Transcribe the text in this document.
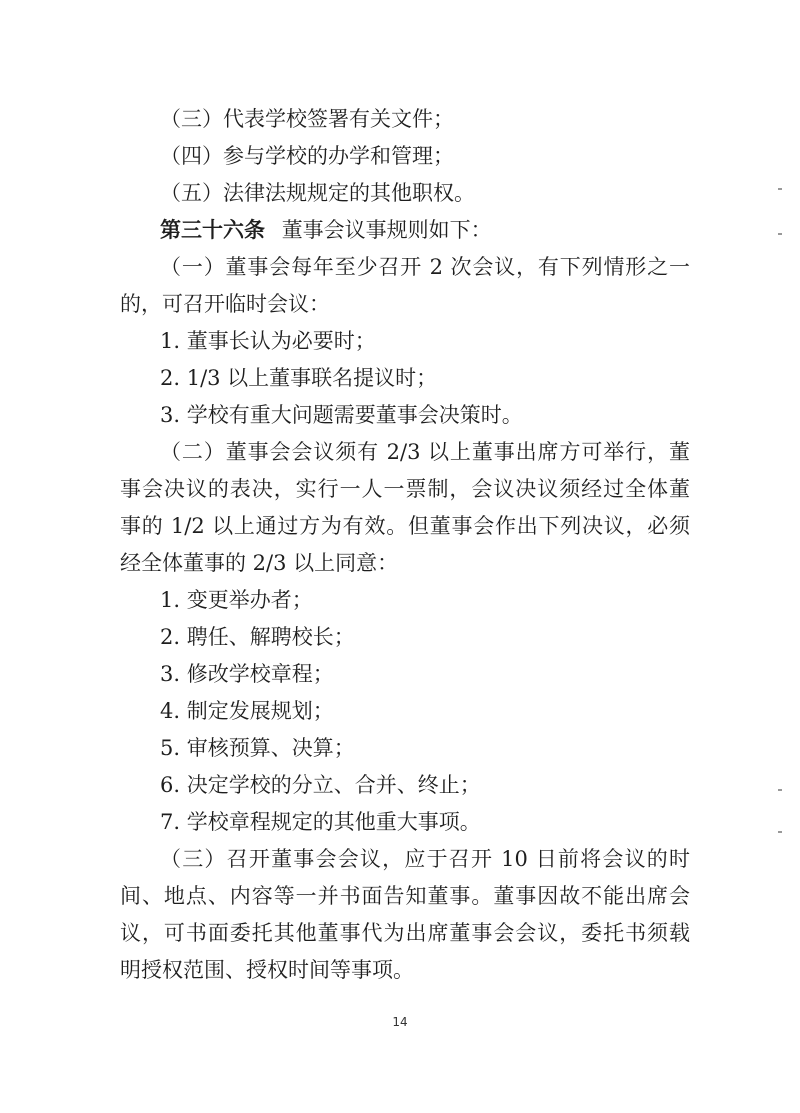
（三）代表学校签署有关文件；
（四）参与学校的办学和管理；
（五）法律法规规定的其他职权。
第三十六条 董事会议事规则如下：
（一）董事会每年至少召开 2 次会议，有下列情形之一
的，可召开临时会议：
1. 董事长认为必要时；
2. 1/3 以上董事联名提议时；
3. 学校有重大问题需要董事会决策时。
（二）董事会会议须有 2/3 以上董事出席方可举行，董
事会决议的表决，实行一人一票制，会议决议须经过全体董
事的 1/2 以上通过方为有效。但董事会作出下列决议，必须
经全体董事的 2/3 以上同意：
1. 变更举办者；
2. 聘任、解聘校长；
3. 修改学校章程；
4. 制定发展规划；
5. 审核预算、决算；
6. 决定学校的分立、合并、终止；
7. 学校章程规定的其他重大事项。
（三）召开董事会会议，应于召开 10 日前将会议的时
间、地点、内容等一并书面告知董事。董事因故不能出席会
议，可书面委托其他董事代为出席董事会会议，委托书须载
明授权范围、授权时间等事项。
14
